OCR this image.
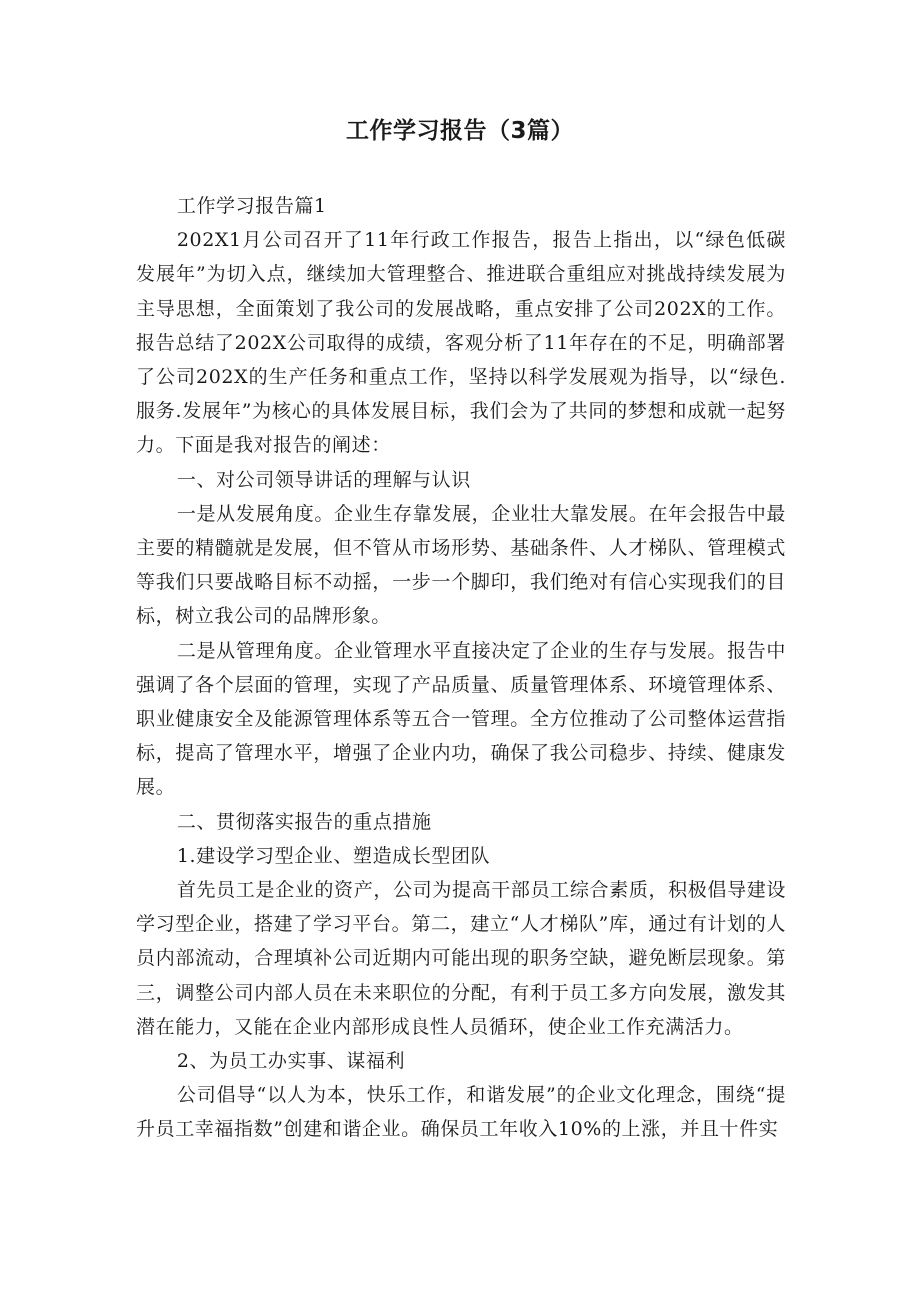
工作学习报告（3篇）

工作学习报告篇1

202X1月公司召开了11年行政工作报告，报告上指出，以“绿色低碳发展年”为切入点，继续加大管理整合、推进联合重组应对挑战持续发展为主导思想，全面策划了我公司的发展战略，重点安排了公司202X的工作。报告总结了202X公司取得的成绩，客观分析了11年存在的不足，明确部署了公司202X的生产任务和重点工作，坚持以科学发展观为指导，以“绿色.服务.发展年”为核心的具体发展目标，我们会为了共同的梦想和成就一起努力。下面是我对报告的阐述：

一、对公司领导讲话的理解与认识

一是从发展角度。企业生存靠发展，企业壮大靠发展。在年会报告中最主要的精髓就是发展，但不管从市场形势、基础条件、人才梯队、管理模式等我们只要战略目标不动摇，一步一个脚印，我们绝对有信心实现我们的目标，树立我公司的品牌形象。

二是从管理角度。企业管理水平直接决定了企业的生存与发展。报告中强调了各个层面的管理，实现了产品质量、质量管理体系、环境管理体系、职业健康安全及能源管理体系等五合一管理。全方位推动了公司整体运营指标，提高了管理水平，增强了企业内功，确保了我公司稳步、持续、健康发展。

二、贯彻落实报告的重点措施

1.建设学习型企业、塑造成长型团队

首先员工是企业的资产，公司为提高干部员工综合素质，积极倡导建设学习型企业，搭建了学习平台。第二，建立“人才梯队”库，通过有计划的人员内部流动，合理填补公司近期内可能出现的职务空缺，避免断层现象。第三，调整公司内部人员在未来职位的分配，有利于员工多方向发展，激发其潜在能力，又能在企业内部形成良性人员循环，使企业工作充满活力。

2、为员工办实事、谋福利

公司倡导“以人为本，快乐工作，和谐发展”的企业文化理念，围绕“提升员工幸福指数”创建和谐企业。确保员工年收入10%的上涨，并且十件实
